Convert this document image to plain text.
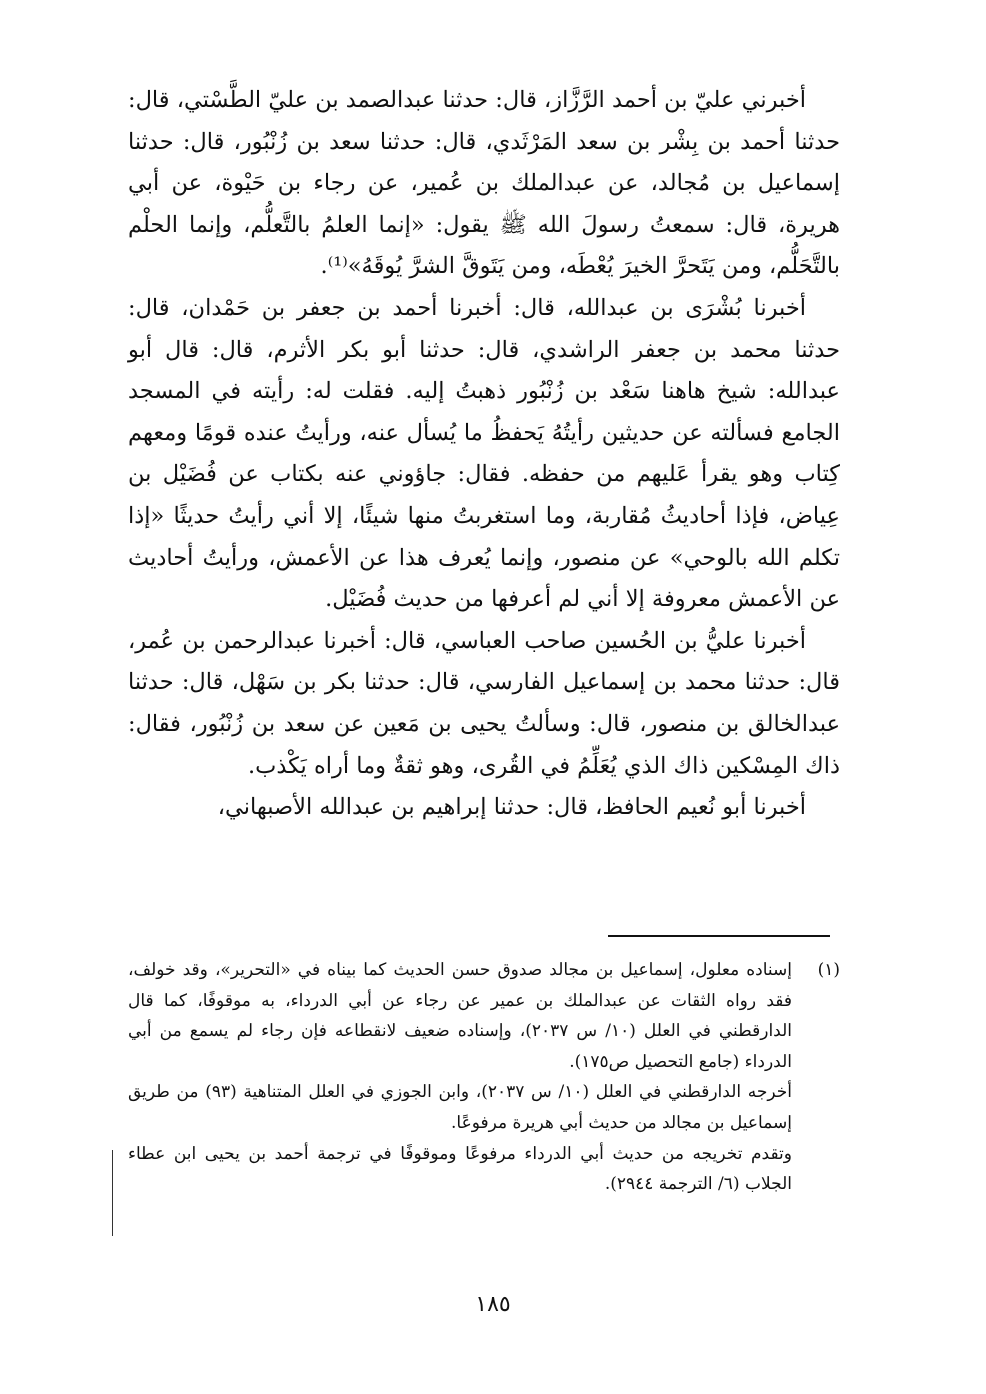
أخبرني عليّ بن أحمد الرَّزَّاز، قال: حدثنا عبدالصمد بن عليّ الطَّسْتي، قال: حدثنا أحمد بن بِشْر بن سعد المَرْثَدي، قال: حدثنا سعد بن زُنْبُور، قال: حدثنا إسماعيل بن مُجالد، عن عبدالملك بن عُمير، عن رجاء بن حَيْوة، عن أبي هريرة، قال: سمعتُ رسولَ الله ﷺ يقول: «إنما العلمُ بالتَّعلُّم، وإنما الحلْم بالتَّحَلُّم، ومن يَتَحرَّ الخيرَ يُعْطَه، ومن يَتَوقَّ الشرَّ يُوقَهُ»⁽¹⁾.

أخبرنا بُشْرَى بن عبدالله، قال: أخبرنا أحمد بن جعفر بن حَمْدان، قال: حدثنا محمد بن جعفر الراشدي، قال: حدثنا أبو بكر الأثرم، قال: قال أبو عبدالله: شيخ هاهنا سَعْد بن زُنْبُور ذهبتُ إليه. فقلت له: رأيته في المسجد الجامع فسألته عن حديثين رأيتُهُ يَحفظُ ما يُسأل عنه، ورأيتُ عنده قومًا ومعهم كِتاب وهو يقرأ عَليهم من حفظه. فقال: جاؤوني عنه بكتاب عن فُضَيْل بن عِياض، فإذا أحاديثُ مُقاربة، وما استغربتُ منها شيئًا، إلا أني رأيتُ حديثًا «إذا تكلم الله بالوحي» عن منصور، وإنما يُعرف هذا عن الأعمش، ورأيتُ أحاديث عن الأعمش معروفة إلا أني لم أعرفها من حديث فُضَيْل.

أخبرنا عليُّ بن الحُسين صاحب العباسي، قال: أخبرنا عبدالرحمن بن عُمر، قال: حدثنا محمد بن إسماعيل الفارسي، قال: حدثنا بكر بن سَهْل، قال: حدثنا عبدالخالق بن منصور، قال: وسألتُ يحيى بن مَعين عن سعد بن زُنْبُور، فقال: ذاك المِسْكين ذاك الذي يُعَلِّمُ في القُرى، وهو ثقةٌ وما أراه يَكْذب.

أخبرنا أبو نُعيم الحافظ، قال: حدثنا إبراهيم بن عبدالله الأصبهاني،

(١)

إسناده معلول، إسماعيل بن مجالد صدوق حسن الحديث كما بيناه في «التحرير»، وقد خولف، فقد رواه الثقات عن عبدالملك بن عمير عن رجاء عن أبي الدرداء، به موقوفًا، كما قال الدارقطني في العلل (١٠/ س ٢٠٣٧)، وإسناده ضعيف لانقطاعه فإن رجاء لم يسمع من أبي الدرداء (جامع التحصيل ص١٧٥).

أخرجه الدارقطني في العلل (١٠/ س ٢٠٣٧)، وابن الجوزي في العلل المتناهية (٩٣) من طريق إسماعيل بن مجالد من حديث أبي هريرة مرفوعًا.

وتقدم تخريجه من حديث أبي الدرداء مرفوعًا وموقوفًا في ترجمة أحمد بن يحيى ابن عطاء الجلاب (٦/ الترجمة ٢٩٤٤).

١٨٥
